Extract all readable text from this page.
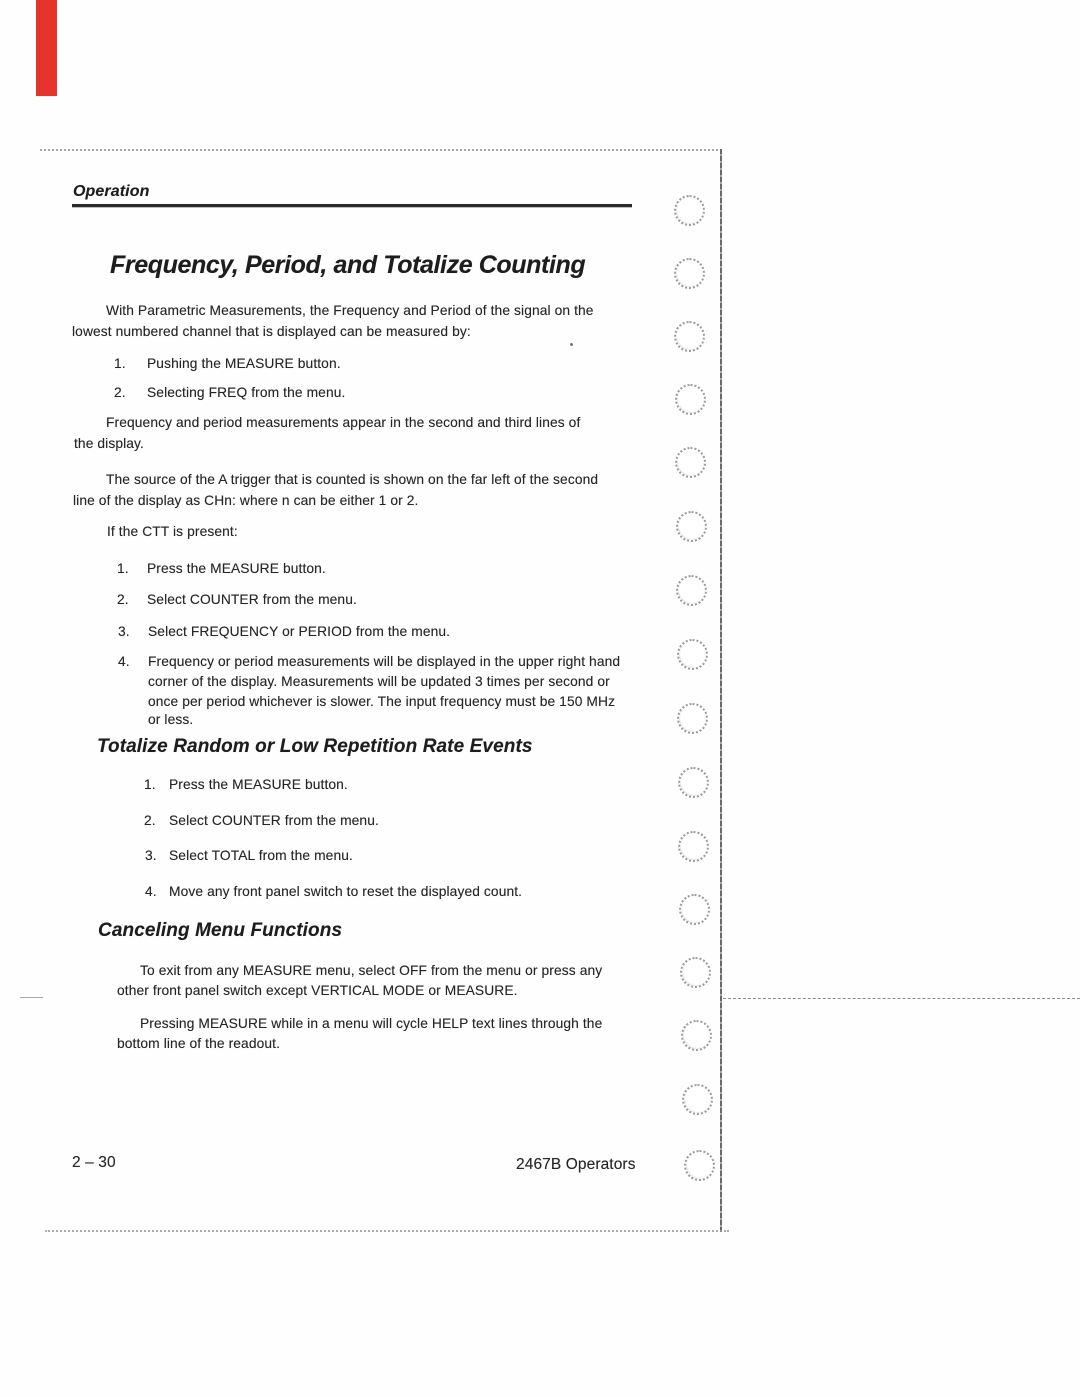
Operation
Frequency, Period, and Totalize Counting
With Parametric Measurements, the Frequency and Period of the signal on the
lowest numbered channel that is displayed can be measured by:
1. Pushing the MEASURE button.
2. Selecting FREQ from the menu.
Frequency and period measurements appear in the second and third lines of
the display.
The source of the A trigger that is counted is shown on the far left of the second
line of the display as CHn: where n can be either 1 or 2.
If the CTT is present:
1. Press the MEASURE button.
2. Select COUNTER from the menu.
3. Select FREQUENCY or PERIOD from the menu.
4. Frequency or period measurements will be displayed in the upper right hand
corner of the display. Measurements will be updated 3 times per second or
once per period whichever is slower. The input frequency must be 150 MHz
or less.
Totalize Random or Low Repetition Rate Events
1. Press the MEASURE button.
2. Select COUNTER from the menu.
3. Select TOTAL from the menu.
4. Move any front panel switch to reset the displayed count.
Canceling Menu Functions
To exit from any MEASURE menu, select OFF from the menu or press any
other front panel switch except VERTICAL MODE or MEASURE.
Pressing MEASURE while in a menu will cycle HELP text lines through the
bottom line of the readout.
2 – 30	2467B Operators
